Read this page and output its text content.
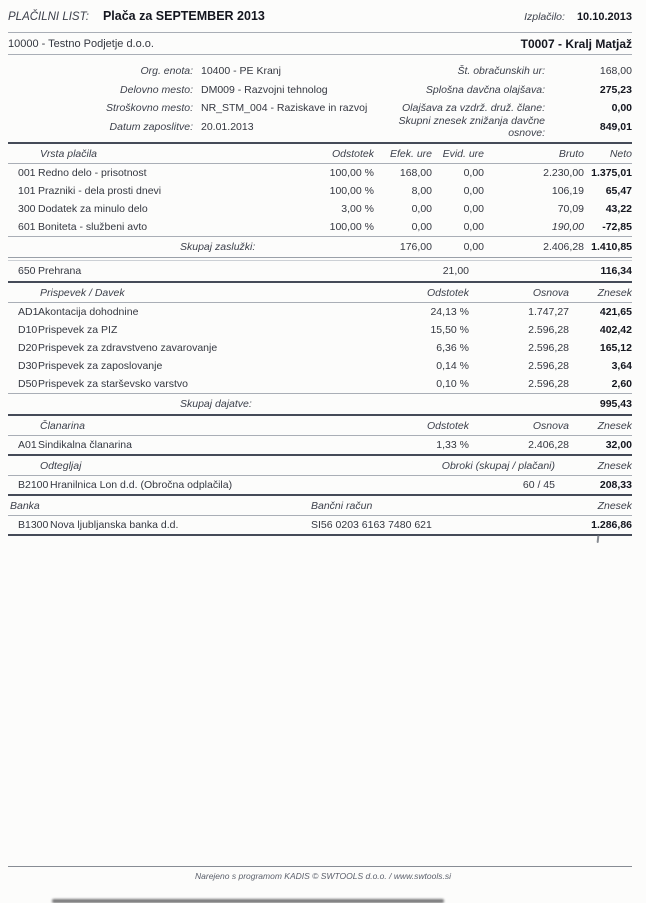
PLAČILNI LIST: Plača za SEPTEMBER 2013	Izplačilo: 10.10.2013
10000 - Testno Podjetje d.o.o.	T0007 - Kralj Matjaž
Org. enota: 10400 - PE Kranj
Delovno mesto: DM009 - Razvojni tehnolog
Stroškovno mesto: NR_STM_004 - Raziskave in razvoj
Datum zaposlitve: 20.01.2013
Št. obračunskih ur:	168,00
Splošna davčna olajšava:	275,23
Olajšava za vzdrž. druž. člane:	0,00
Skupni znesek znižanja davčne osnove:	849,01
Vrsta plačila		Odstotek	Efek. ure	Evid. ure	Bruto	Neto
001	Redno delo - prisotnost	100,00 %	168,00	0,00	2.230,00	1.375,01
101	Prazniki - dela prosti dnevi	100,00 %	8,00	0,00	106,19	65,47
300	Dodatek za minulo delo	3,00 %	0,00	0,00	70,09	43,22
601	Boniteta - službeni avto	100,00 %	0,00	0,00	190,00	-72,85
Skupaj zaslužki:			176,00	0,00	2.406,28	1.410,85
650	Prehrana	21,00		116,34
Prispevek / Davek		Odstotek	Osnova	Znesek
AD1	Akontacija dohodnine	24,13 %	1.747,27	421,65
D10	Prispevek za PIZ	15,50 %	2.596,28	402,42
D20	Prispevek za zdravstveno zavarovanje	6,36 %	2.596,28	165,12
D30	Prispevek za zaposlovanje	0,14 %	2.596,28	3,64
D50	Prispevek za starševsko varstvo	0,10 %	2.596,28	2,60
Skupaj dajatve:				995,43
Članarina		Odstotek	Osnova	Znesek
A01	Sindikalna članarina	1,33 %	2.406,28	32,00
Odtegljaj		Obroki (skupaj / plačani)	Znesek
B2100	Hranilnica Lon d.d. (Obročna odplačila)	60 / 45	208,33
Banka		Bančni račun	Znesek
B1300	Nova ljubljanska banka d.d.	SI56 0203 6163 7480 621	1.286,86
Narejeno s programom KADIS © SWTOOLS d.o.o. / www.swtools.si
